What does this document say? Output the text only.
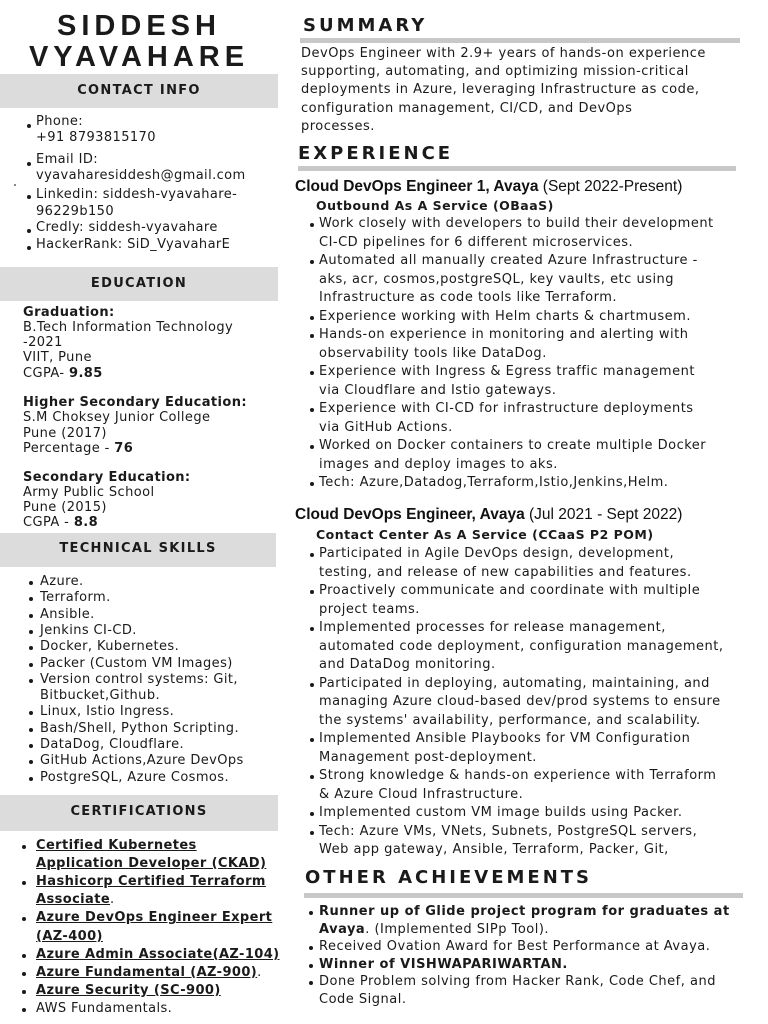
SIDDESH
VYAVAHARE
CONTACT INFO
Phone:
+91 8793815170
Email ID:
vyavaharesiddesh@gmail.com
Linkedin: siddesh-vyavahare-
96229b150
Credly: siddesh-vyavahare
HackerRank: SiD_VyavaharE
EDUCATION
Graduation:
B.Tech Information Technology
-2021
VIIT, Pune
CGPA- 9.85
Higher Secondary Education:
S.M Choksey Junior College
Pune (2017)
Percentage - 76
Secondary Education:
Army Public School
Pune (2015)
CGPA - 8.8
TECHNICAL SKILLS
Azure.
Terraform.
Ansible.
Jenkins CI-CD.
Docker, Kubernetes.
Packer (Custom VM Images)
Version control systems: Git,
Bitbucket,Github.
Linux, Istio Ingress.
Bash/Shell, Python Scripting.
DataDog, Cloudflare.
GitHub Actions,Azure DevOps
PostgreSQL, Azure Cosmos.
CERTIFICATIONS
Certified Kubernetes
Application Developer (CKAD)
Hashicorp Certified Terraform
Associate.
Azure DevOps Engineer Expert
(AZ-400)
Azure Admin Associate(AZ-104)
Azure Fundamental (AZ-900).
Azure Security (SC-900)
AWS Fundamentals.
SUMMARY
DevOps Engineer with 2.9+ years of hands-on experience
supporting, automating, and optimizing mission-critical
deployments in Azure, leveraging Infrastructure as code,
configuration management, CI/CD, and DevOps
processes.
EXPERIENCE
Cloud DevOps Engineer 1, Avaya (Sept 2022-Present)
Outbound As A Service (OBaaS)
Work closely with developers to build their development
CI-CD pipelines for 6 different microservices.
Automated all manually created Azure Infrastructure -
aks, acr, cosmos,postgreSQL, key vaults, etc using
Infrastructure as code tools like Terraform.
Experience working with Helm charts & chartmusem.
Hands-on experience in monitoring and alerting with
observability tools like DataDog.
Experience with Ingress & Egress traffic management
via Cloudflare and Istio gateways.
Experience with CI-CD for infrastructure deployments
via GitHub Actions.
Worked on Docker containers to create multiple Docker
images and deploy images to aks.
Tech: Azure,Datadog,Terraform,Istio,Jenkins,Helm.
Cloud DevOps Engineer, Avaya (Jul 2021 - Sept 2022)
Contact Center As A Service (CCaaS P2 POM)
Participated in Agile DevOps design, development,
testing, and release of new capabilities and features.
Proactively communicate and coordinate with multiple
project teams.
Implemented processes for release management,
automated code deployment, configuration management,
and DataDog monitoring.
Participated in deploying, automating, maintaining, and
managing Azure cloud-based dev/prod systems to ensure
the systems' availability, performance, and scalability.
Implemented Ansible Playbooks for VM Configuration
Management post-deployment.
Strong knowledge & hands-on experience with Terraform
& Azure Cloud Infrastructure.
Implemented custom VM image builds using Packer.
Tech: Azure VMs, VNets, Subnets, PostgreSQL servers,
Web app gateway, Ansible, Terraform, Packer, Git,
OTHER ACHIEVEMENTS
Runner up of Glide project program for graduates at
Avaya. (Implemented SIPp Tool).
Received Ovation Award for Best Performance at Avaya.
Winner of VISHWAPARIWARTAN.
Done Problem solving from Hacker Rank, Code Chef, and
Code Signal.
